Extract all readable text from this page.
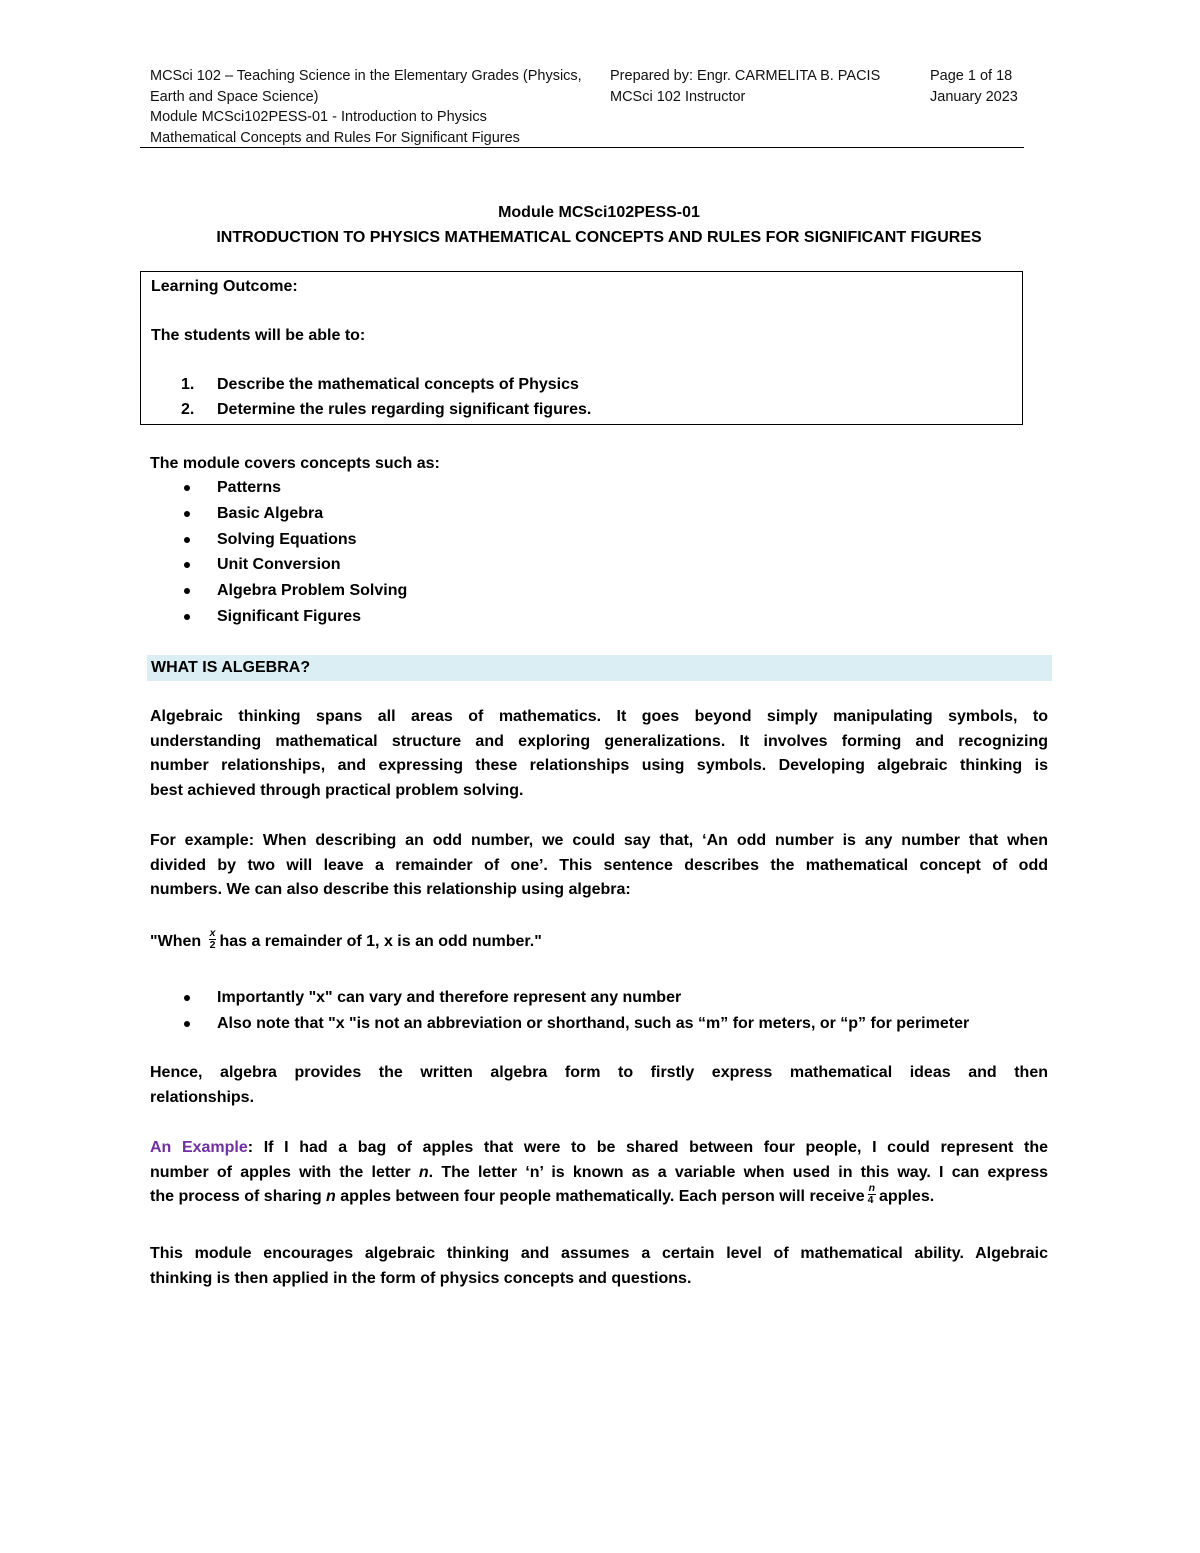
MCSci 102 – Teaching Science in the Elementary Grades (Physics,
Earth and Space Science)
Module MCSci102PESS-01 - Introduction to Physics
Mathematical Concepts and Rules For Significant Figures
Prepared by: Engr. CARMELITA B. PACIS
MCSci 102 Instructor
Page 1 of 18
January 2023
Module MCSci102PESS-01
INTRODUCTION TO PHYSICS MATHEMATICAL CONCEPTS AND RULES FOR SIGNIFICANT FIGURES
Learning Outcome:
The students will be able to:
1. Describe the mathematical concepts of Physics
2. Determine the rules regarding significant figures.
The module covers concepts such as:
Patterns
Basic Algebra
Solving Equations
Unit Conversion
Algebra Problem Solving
Significant Figures
WHAT IS ALGEBRA?
Algebraic thinking spans all areas of mathematics. It goes beyond simply manipulating symbols, to
understanding mathematical structure and exploring generalizations. It involves forming and recognizing
number relationships, and expressing these relationships using symbols. Developing algebraic thinking is
best achieved through practical problem solving.
For example: When describing an odd number, we could say that, ‘An odd number is any number that when
divided by two will leave a remainder of one’. This sentence describes the mathematical concept of odd
numbers. We can also describe this relationship using algebra:
"When $\frac{x}{2}$ has a remainder of 1, x is an odd number."
Importantly "x" can vary and therefore represent any number
Also note that "x "is not an abbreviation or shorthand, such as “m” for meters, or “p” for perimeter
Hence, algebra provides the written algebra form to firstly express mathematical ideas and then
relationships.
An Example: If I had a bag of apples that were to be shared between four people, I could represent the
number of apples with the letter n. The letter ‘n’ is known as a variable when used in this way. I can express
the process of sharing n apples between four people mathematically. Each person will receive $\frac{n}{4}$ apples.
This module encourages algebraic thinking and assumes a certain level of mathematical ability. Algebraic
thinking is then applied in the form of physics concepts and questions.
